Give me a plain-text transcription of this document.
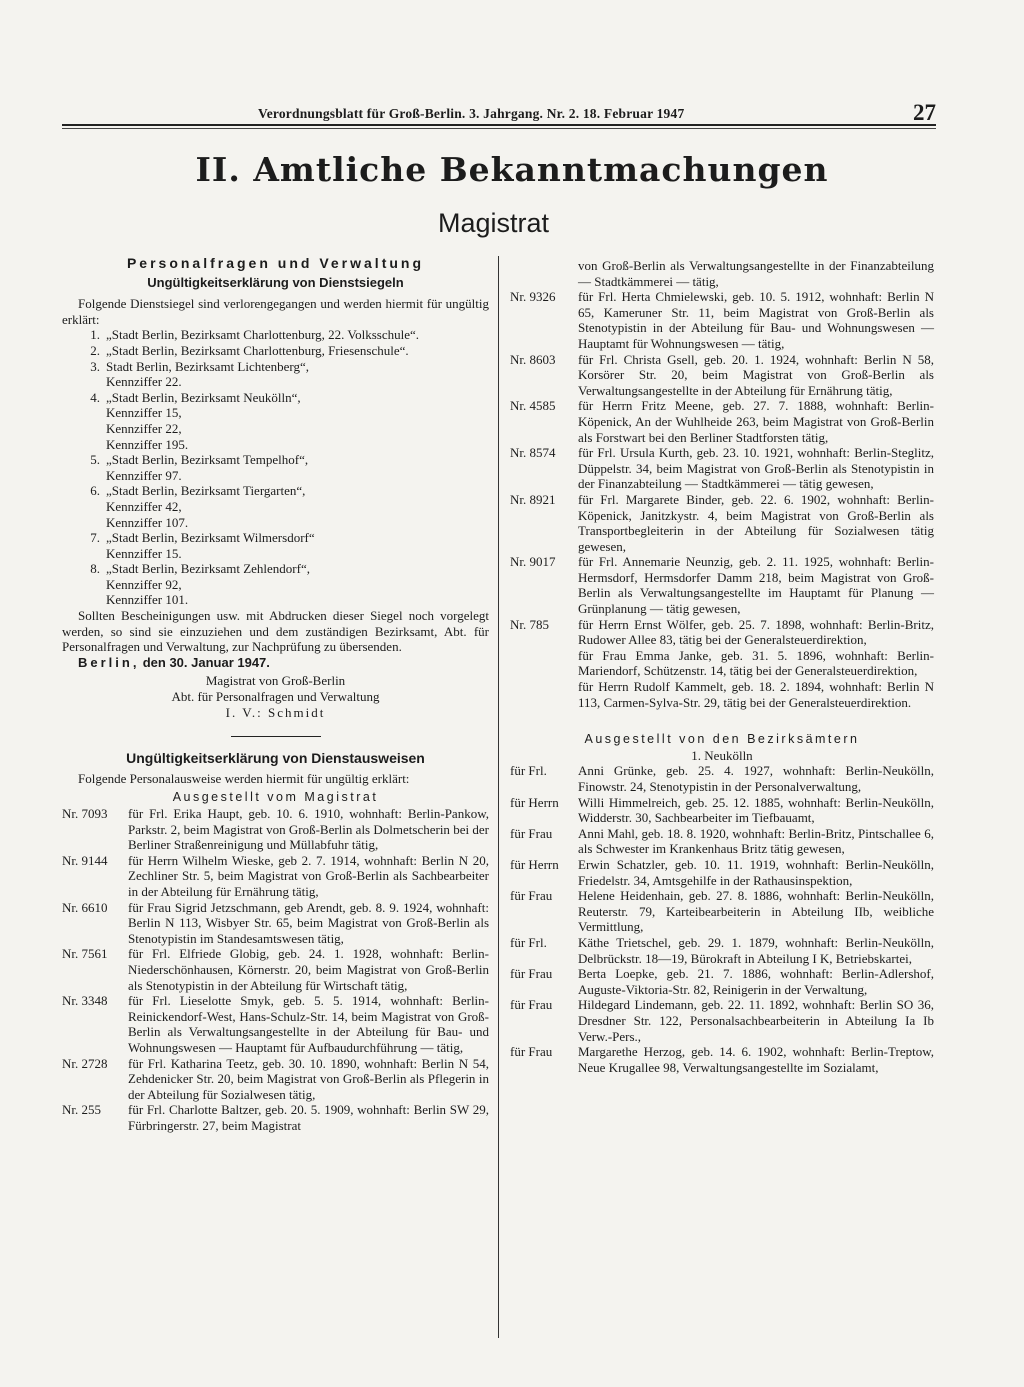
Verordnungsblatt für Groß-Berlin. 3. Jahrgang. Nr. 2. 18. Februar 1947	27
II. Amtliche Bekanntmachungen
Magistrat
Personalfragen und Verwaltung
Ungültigkeitserklärung von Dienstsiegeln
Folgende Dienstsiegel sind verlorengegangen und werden hiermit für ungültig erklärt:
1. „Stadt Berlin, Bezirksamt Charlottenburg, 22. Volksschule“.
2. „Stadt Berlin, Bezirksamt Charlottenburg, Friesenschule“.
3. Stadt Berlin, Bezirksamt Lichtenberg“,
Kennziffer 22.
4. „Stadt Berlin, Bezirksamt Neukölln“,
Kennziffer 15,
Kennziffer 22,
Kennziffer 195.
5. „Stadt Berlin, Bezirksamt Tempelhof“,
Kennziffer 97.
6. „Stadt Berlin, Bezirksamt Tiergarten“,
Kennziffer 42,
Kennziffer 107.
7. „Stadt Berlin, Bezirksamt Wilmersdorf“
Kennziffer 15.
8. „Stadt Berlin, Bezirksamt Zehlendorf“,
Kennziffer 92,
Kennziffer 101.
Sollten Bescheinigungen usw. mit Abdrucken dieser Siegel noch vorgelegt werden, so sind sie einzuziehen und dem zuständigen Bezirksamt, Abt. für Personalfragen und Verwaltung, zur Nachprüfung zu übersenden.
Berlin, den 30. Januar 1947.
Magistrat von Groß-Berlin
Abt. für Personalfragen und Verwaltung
I. V.: Schmidt
Ungültigkeitserklärung von Dienstausweisen
Folgende Personalausweise werden hiermit für ungültig erklärt:
Ausgestellt vom Magistrat
Nr. 7093	für Frl. Erika Haupt, geb. 10. 6. 1910, wohnhaft: Berlin-Pankow, Parkstr. 2, beim Magistrat von Groß-Berlin als Dolmetscherin bei der Berliner Straßenreinigung und Müllabfuhr tätig,
Nr. 9144	für Herrn Wilhelm Wieske, geb 2. 7. 1914, wohnhaft: Berlin N 20, Zechliner Str. 5, beim Magistrat von Groß-Berlin als Sachbearbeiter in der Abteilung für Ernährung tätig,
Nr. 6610	für Frau Sigrid Jetzschmann, geb Arendt, geb. 8. 9. 1924, wohnhaft: Berlin N 113, Wisbyer Str. 65, beim Magistrat von Groß-Berlin als Stenotypistin im Standesamtswesen tätig,
Nr. 7561	für Frl. Elfriede Globig, geb. 24. 1. 1928, wohnhaft: Berlin-Niederschönhausen, Körnerstr. 20, beim Magistrat von Groß-Berlin als Stenotypistin in der Abteilung für Wirtschaft tätig,
Nr. 3348	für Frl. Lieselotte Smyk, geb. 5. 5. 1914, wohnhaft: Berlin-Reinickendorf-West, Hans-Schulz-Str. 14, beim Magistrat von Groß-Berlin als Verwaltungsangestellte in der Abteilung für Bau- und Wohnungswesen — Hauptamt für Aufbaudurchführung — tätig,
Nr. 2728	für Frl. Katharina Teetz, geb. 30. 10. 1890, wohnhaft: Berlin N 54, Zehdenicker Str. 20, beim Magistrat von Groß-Berlin als Pflegerin in der Abteilung für Sozialwesen tätig,
Nr. 255	für Frl. Charlotte Baltzer, geb. 20. 5. 1909, wohnhaft: Berlin SW 29, Fürbringerstr. 27, beim Magistrat
von Groß-Berlin als Verwaltungsangestellte in der Finanzabteilung — Stadtkämmerei — tätig,
Nr. 9326	für Frl. Herta Chmielewski, geb. 10. 5. 1912, wohnhaft: Berlin N 65, Kameruner Str. 11, beim Magistrat von Groß-Berlin als Stenotypistin in der Abteilung für Bau- und Wohnungswesen — Hauptamt für Wohnungswesen — tätig,
Nr. 8603	für Frl. Christa Gsell, geb. 20. 1. 1924, wohnhaft: Berlin N 58, Korsörer Str. 20, beim Magistrat von Groß-Berlin als Verwaltungsangestellte in der Abteilung für Ernährung tätig,
Nr. 4585	für Herrn Fritz Meene, geb. 27. 7. 1888, wohnhaft: Berlin-Köpenick, An der Wuhlheide 263, beim Magistrat von Groß-Berlin als Forstwart bei den Berliner Stadtforsten tätig,
Nr. 8574	für Frl. Ursula Kurth, geb. 23. 10. 1921, wohnhaft: Berlin-Steglitz, Düppelstr. 34, beim Magistrat von Groß-Berlin als Stenotypistin in der Finanzabteilung — Stadtkämmerei — tätig gewesen,
Nr. 8921	für Frl. Margarete Binder, geb. 22. 6. 1902, wohnhaft: Berlin-Köpenick, Janitzkystr. 4, beim Magistrat von Groß-Berlin als Transportbegleiterin in der Abteilung für Sozialwesen tätig gewesen,
Nr. 9017	für Frl. Annemarie Neunzig, geb. 2. 11. 1925, wohnhaft: Berlin-Hermsdorf, Hermsdorfer Damm 218, beim Magistrat von Groß-Berlin als Verwaltungsangestellte im Hauptamt für Planung — Grünplanung — tätig gewesen,
Nr. 785	für Herrn Ernst Wölfer, geb. 25. 7. 1898, wohnhaft: Berlin-Britz, Rudower Allee 83, tätig bei der Generalsteuerdirektion,
für Frau Emma Janke, geb. 31. 5. 1896, wohnhaft: Berlin-Mariendorf, Schützenstr. 14, tätig bei der Generalsteuerdirektion,
für Herrn Rudolf Kammelt, geb. 18. 2. 1894, wohnhaft: Berlin N 113, Carmen-Sylva-Str. 29, tätig bei der Generalsteuerdirektion.
Ausgestellt von den Bezirksämtern
1. Neukölln
für Frl. Anni Grünke, geb. 25. 4. 1927, wohnhaft: Berlin-Neukölln, Finowstr. 24, Stenotypistin in der Personalverwaltung,
für Herrn Willi Himmelreich, geb. 25. 12. 1885, wohnhaft: Berlin-Neukölln, Widderstr. 30, Sachbearbeiter im Tiefbauamt,
für Frau Anni Mahl, geb. 18. 8. 1920, wohnhaft: Berlin-Britz, Pintschallee 6, als Schwester im Krankenhaus Britz tätig gewesen,
für Herrn Erwin Schatzler, geb. 10. 11. 1919, wohnhaft: Berlin-Neukölln, Friedelstr. 34, Amtsgehilfe in der Rathausinspektion,
für Frau Helene Heidenhain, geb. 27. 8. 1886, wohnhaft: Berlin-Neukölln, Reuterstr. 79, Karteibearbeiterin in Abteilung IIb, weibliche Vermittlung,
für Frl. Käthe Trietschel, geb. 29. 1. 1879, wohnhaft: Berlin-Neukölln, Delbrückstr. 18—19, Bürokraft in Abteilung I K, Betriebskartei,
für Frau Berta Loepke, geb. 21. 7. 1886, wohnhaft: Berlin-Adlershof, Auguste-Viktoria-Str. 82, Reinigerin in der Verwaltung,
für Frau Hildegard Lindemann, geb. 22. 11. 1892, wohnhaft: Berlin SO 36, Dresdner Str. 122, Personalsachbearbeiterin in Abteilung Ia Ib Verw.-Pers.,
für Frau Margarethe Herzog, geb. 14. 6. 1902, wohnhaft: Berlin-Treptow, Neue Krugallee 98, Verwaltungsangestellte im Sozialamt,
